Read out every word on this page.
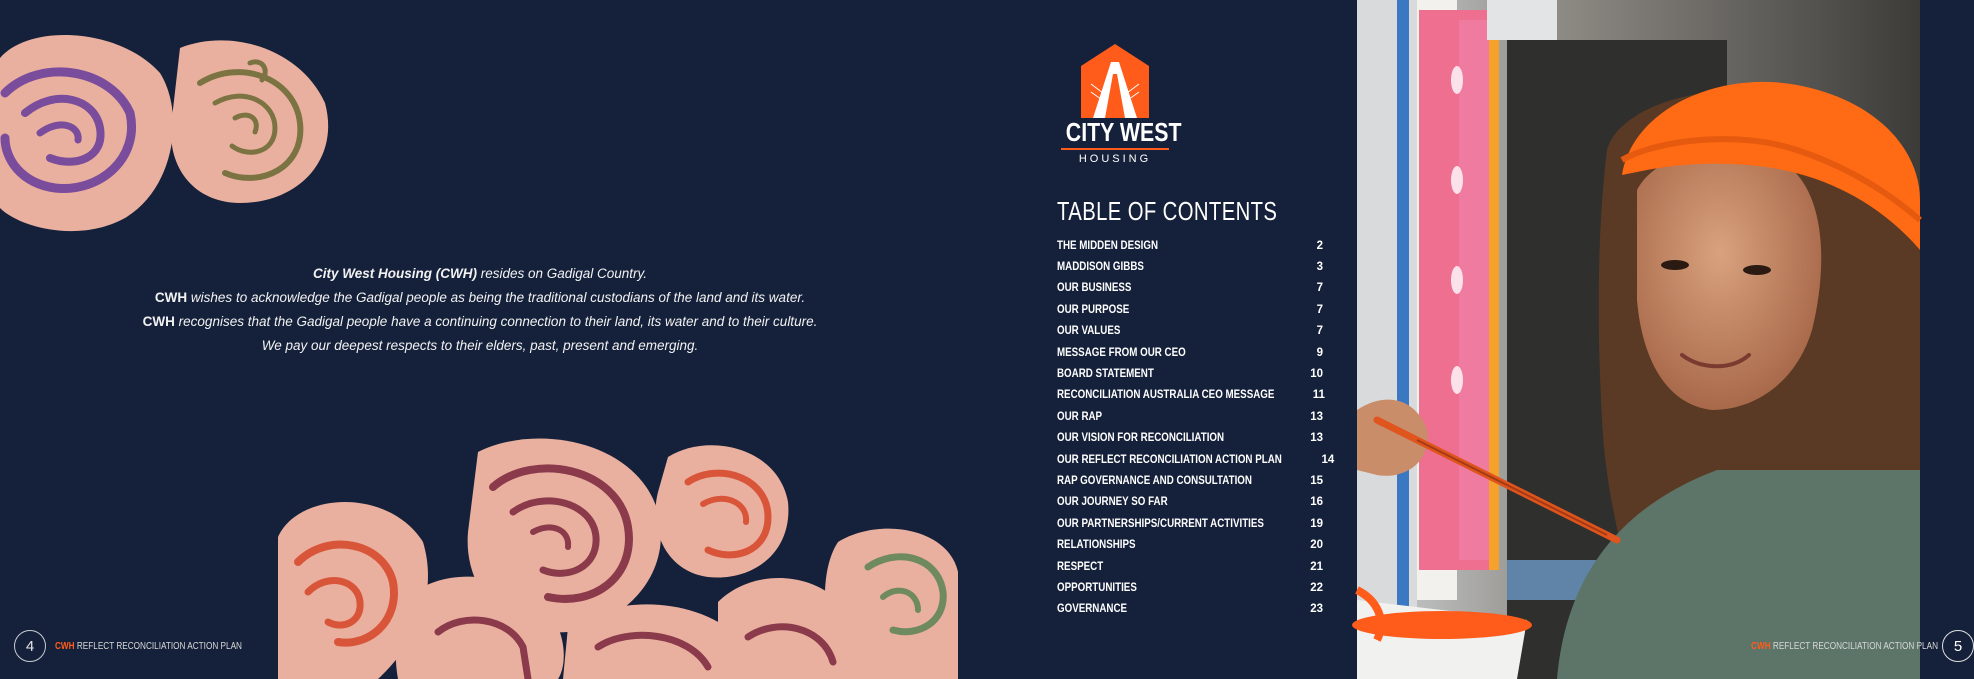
City West Housing (CWH) resides on Gadigal Country.

CWH wishes to acknowledge the Gadigal people as being the traditional custodians of the land and its water.

CWH recognises that the Gadigal people have a continuing connection to their land, its water and to their culture.

We pay our deepest respects to their elders, past, present and emerging.

CITY WEST
HOUSING
TABLE OF CONTENTS
THE MIDDEN DESIGN	2
MADDISON GIBBS	3
OUR BUSINESS	7
OUR PURPOSE	7
OUR VALUES	7
MESSAGE FROM OUR CEO	9
BOARD STATEMENT	10
RECONCILIATION AUSTRALIA CEO MESSAGE	11
OUR RAP	13
OUR VISION FOR RECONCILIATION	13
OUR REFLECT RECONCILIATION ACTION PLAN	14
RAP GOVERNANCE AND CONSULTATION	15
OUR JOURNEY SO FAR	16
OUR PARTNERSHIPS/CURRENT ACTIVITIES	19
RELATIONSHIPS	20
RESPECT	21
OPPORTUNITIES	22
GOVERNANCE	23
4	CWH REFLECT RECONCILIATION ACTION PLAN	CWH REFLECT RECONCILIATION ACTION PLAN	5
